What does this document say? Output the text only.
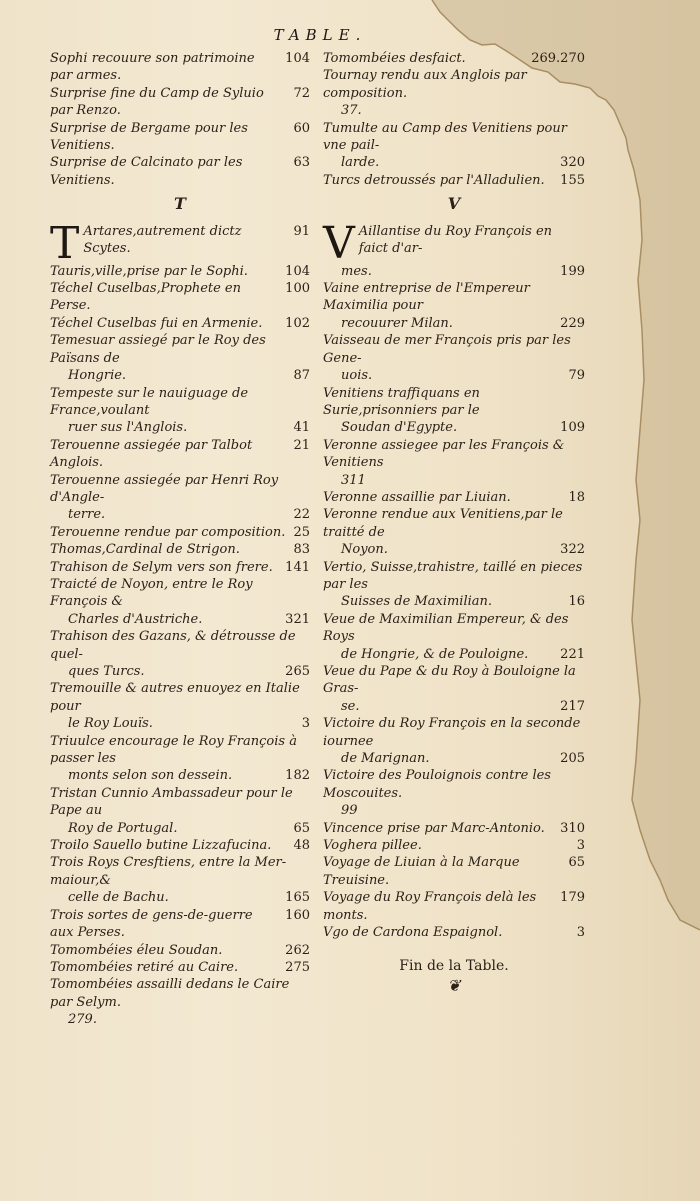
TABLE.
104
Sophi recouure son patrimoine par armes.
72
Surprise fine du Camp de Syluio par Renzo.
60
Surprise de Bergame pour les Venitiens.
63
Surprise de Calcinato par les Venitiens.
T
T	91
Artares,autrement dictz Scytes.
104
Tauris,ville,prise par le Sophi.
100
Téchel Cuselbas,Prophete en Perse.
102
Téchel Cuselbas fui en Armenie.
Temesuar assiegé par le Roy des Païsans de
87
Hongrie.
Tempeste sur le nauiguage de France,voulant
41
ruer sus l'Anglois.
21
Terouenne assiegée par Talbot Anglois.
Terouenne assiegée par Henri Roy d'Angle-
22
terre.
25
Terouenne rendue par composition.
83
Thomas,Cardinal de Strigon.
141
Trahison de Selym vers son frere.
Traicté de Noyon, entre le Roy François &
321
Charles d'Austriche.
Trahison des Gazans, & détrousse de quel-
265
ques Turcs.
Tremouille & autres enuoyez en Italie pour
3
le Roy Louïs.
Triuulce encourage le Roy François à passer les
182
monts selon son dessein.
Tristan Cunnio Ambassadeur pour le Pape au
65
Roy de Portugal.
48
Troilo Sauello butine Lizzafucina.
Trois Roys Cresftiens, entre la Mer-maiour,&
165
celle de Bachu.
160
Trois sortes de gens-de-guerre aux Perses.
262
Tomombéies éleu Soudan.
275
Tomombéies retiré au Caire.
Tomombéies assailli dedans le Caire par Selym.
279.
269.270
Tomombéies desfaict.
Tournay rendu aux Anglois par composition.
37.
Tumulte au Camp des Venitiens pour vne pail-
320
larde.
155
Turcs detroussés par l'Alladulien.
V
V Aillantise du Roy François en faict d'ar-
199
mes.
Vaine entreprise de l'Empereur Maximilia pour
229
recouurer Milan.
Vaisseau de mer François pris par les Gene-
79
uois.
Venitiens traffiquans en Surie,prisonniers par le
109
Soudan d'Egypte.
Veronne assiegee par les François & Venitiens
311
18
Veronne assaillie par Liuian.
Veronne rendue aux Venitiens,par le traitté de
322
Noyon.
Vertio, Suisse,trahistre, taillé en pieces par les
16
Suisses de Maximilian.
Veue de Maximilian Empereur, & des Roys
221
de Hongrie, & de Pouloigne.
Veue du Pape & du Roy à Bouloigne la Gras-
217
se.
Victoire du Roy François en la seconde iournee
205
de Marignan.
Victoire des Pouloignois contre les Moscouites.
99
310
Vincence prise par Marc-Antonio.
3
Voghera pillee.
65
Voyage de Liuian à la Marque Treuisine.
179
Voyage du Roy François delà les monts.
3
Vgo de Cardona Espaignol.
Fin de la Table.
❦
